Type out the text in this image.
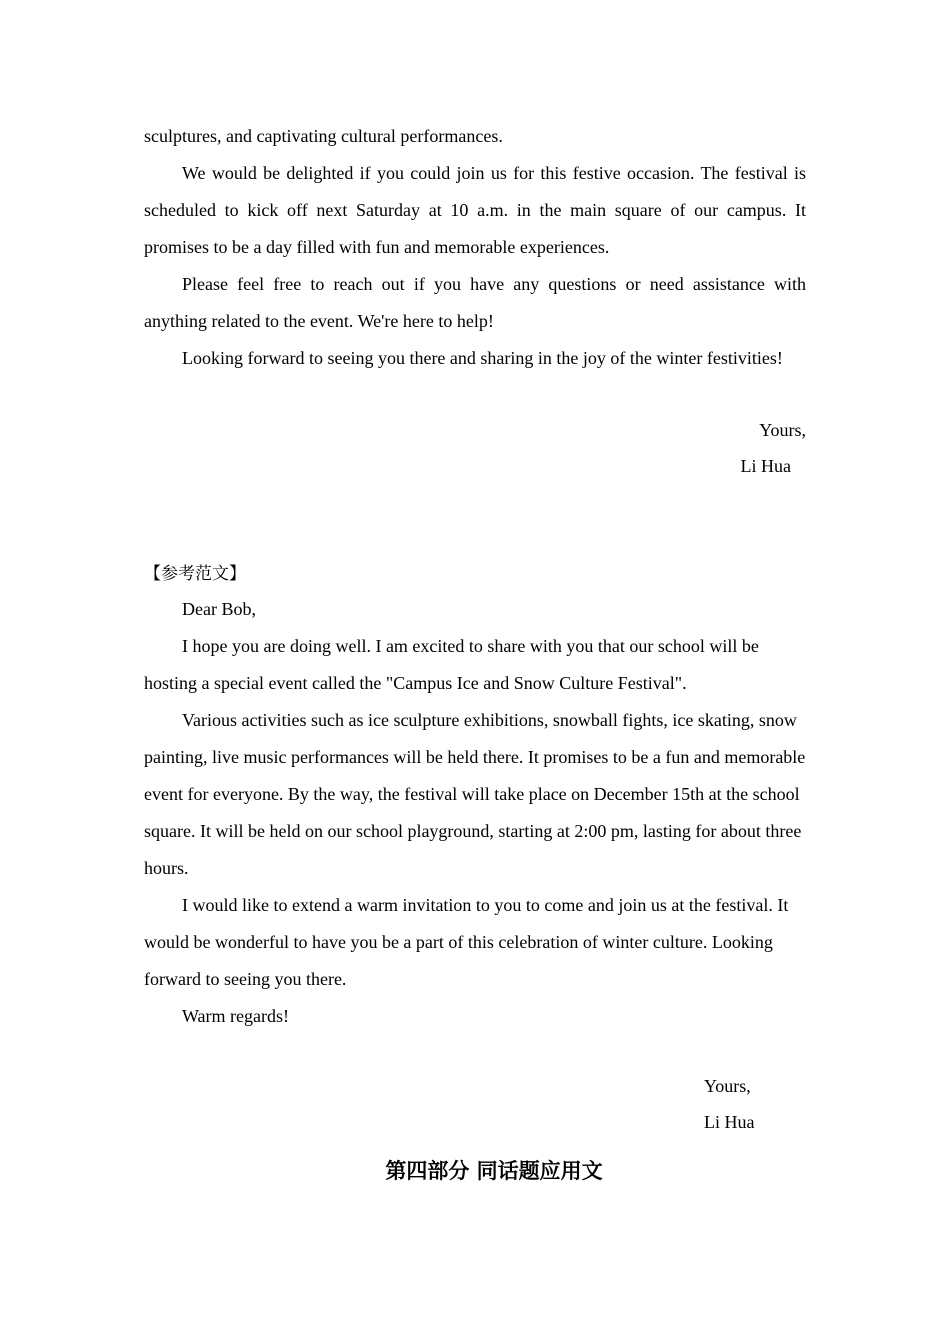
sculptures, and captivating cultural performances.

We would be delighted if you could join us for this festive occasion. The festival is scheduled to kick off next Saturday at 10 a.m. in the main square of our campus. It promises to be a day filled with fun and memorable experiences.

Please feel free to reach out if you have any questions or need assistance with anything related to the event. We're here to help!

Looking forward to seeing you there and sharing in the joy of the winter festivities!

Yours,
Li Hua
【参考范文】

Dear Bob,

I hope you are doing well. I am excited to share with you that our school will be hosting a special event called the "Campus Ice and Snow Culture Festival".

Various activities such as ice sculpture exhibitions, snowball fights, ice skating, snow painting, live music performances will be held there. It promises to be a fun and memorable event for everyone. By the way, the festival will take place on December 15th at the school square. It will be held on our school playground, starting at 2:00 pm, lasting for about three hours.

I would like to extend a warm invitation to you to come and join us at the festival. It would be wonderful to have you be a part of this celebration of winter culture. Looking forward to seeing you there.

Warm regards!

Yours,
Li Hua
第四部分 同话题应用文
